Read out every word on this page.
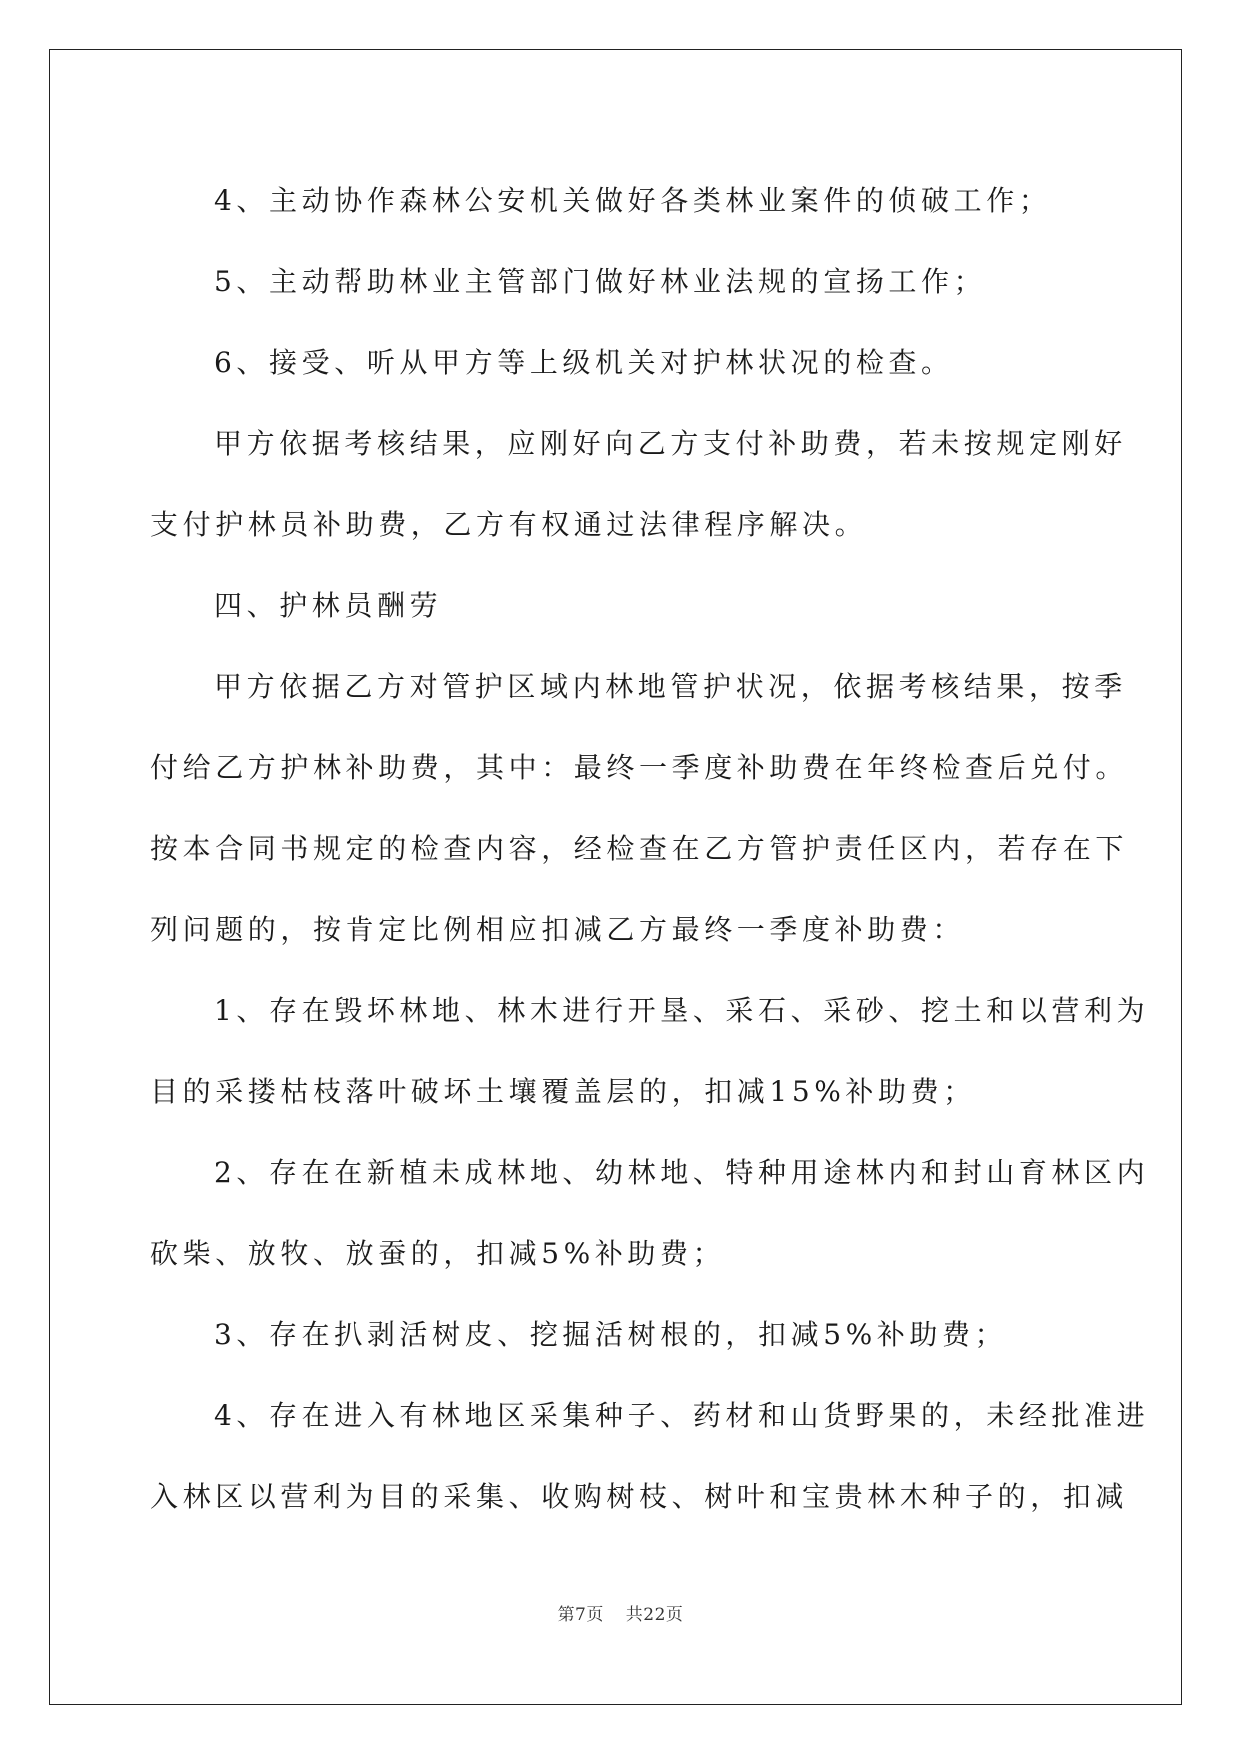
4、主动协作森林公安机关做好各类林业案件的侦破工作；

5、主动帮助林业主管部门做好林业法规的宣扬工作；

6、接受、听从甲方等上级机关对护林状况的检查。

甲方依据考核结果，应刚好向乙方支付补助费，若未按规定刚好
支付护林员补助费，乙方有权通过法律程序解决。

四、护林员酬劳

甲方依据乙方对管护区域内林地管护状况，依据考核结果，按季
付给乙方护林补助费，其中：最终一季度补助费在年终检查后兑付。
按本合同书规定的检查内容，经检查在乙方管护责任区内，若存在下
列问题的，按肯定比例相应扣减乙方最终一季度补助费：

1、存在毁坏林地、林木进行开垦、采石、采砂、挖土和以营利为
目的采搂枯枝落叶破坏土壤覆盖层的，扣减15%补助费；

2、存在在新植未成林地、幼林地、特种用途林内和封山育林区内
砍柴、放牧、放蚕的，扣减5%补助费；

3、存在扒剥活树皮、挖掘活树根的，扣减5%补助费；

4、存在进入有林地区采集种子、药材和山货野果的，未经批准进
入林区以营利为目的采集、收购树枝、树叶和宝贵林木种子的，扣减

第7页 共22页
